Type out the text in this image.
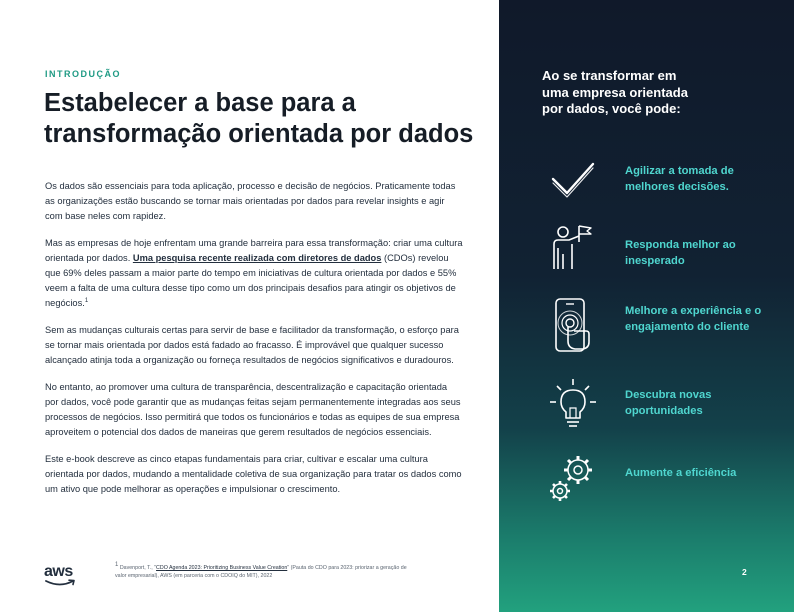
INTRODUÇÃO
Estabelecer a base para a transformação orientada por dados

Os dados são essenciais para toda aplicação, processo e decisão de negócios. Praticamente todas as organizações estão buscando se tornar mais orientadas por dados para revelar insights e agir com base neles com rapidez.

Mas as empresas de hoje enfrentam uma grande barreira para essa transformação: criar uma cultura orientada por dados. Uma pesquisa recente realizada com diretores de dados (CDOs) revelou que 69% deles passam a maior parte do tempo em iniciativas de cultura orientada por dados e 55% veem a falta de uma cultura desse tipo como um dos principais desafios para atingir os objetivos de negócios.$^1$

Sem as mudanças culturais certas para servir de base e facilitador da transformação, o esforço para se tornar mais orientada por dados está fadado ao fracasso. É improvável que qualquer sucesso alcançado atinja toda a organização ou forneça resultados de negócios significativos e duradouros.

No entanto, ao promover uma cultura de transparência, descentralização e capacitação orientada por dados, você pode garantir que as mudanças feitas sejam permanentemente integradas aos seus processos de negócios. Isso permitirá que todos os funcionários e todas as equipes de sua empresa aproveitem o potencial dos dados de maneiras que gerem resultados de negócios essenciais.

Este e-book descreve as cinco etapas fundamentais para criar, cultivar e escalar uma cultura orientada por dados, mudando a mentalidade coletiva de sua organização para tratar os dados como um ativo que pode melhorar as operações e impulsionar o crescimento.

aws	$^1$ Davenport, T., "CDO Agenda 2023: Prioritizing Business Value Creation" (Pauta do CDO para 2023: priorizar a geração de valor empresarial), AWS (em parceria com o CDOIQ do MIT), 2022
Ao se transformar em uma empresa orientada por dados, você pode:
Agilizar a tomada de melhores decisões.
Responda melhor ao inesperado
Melhore a experiência e o engajamento do cliente
Descubra novas oportunidades
Aumente a eficiência
2
